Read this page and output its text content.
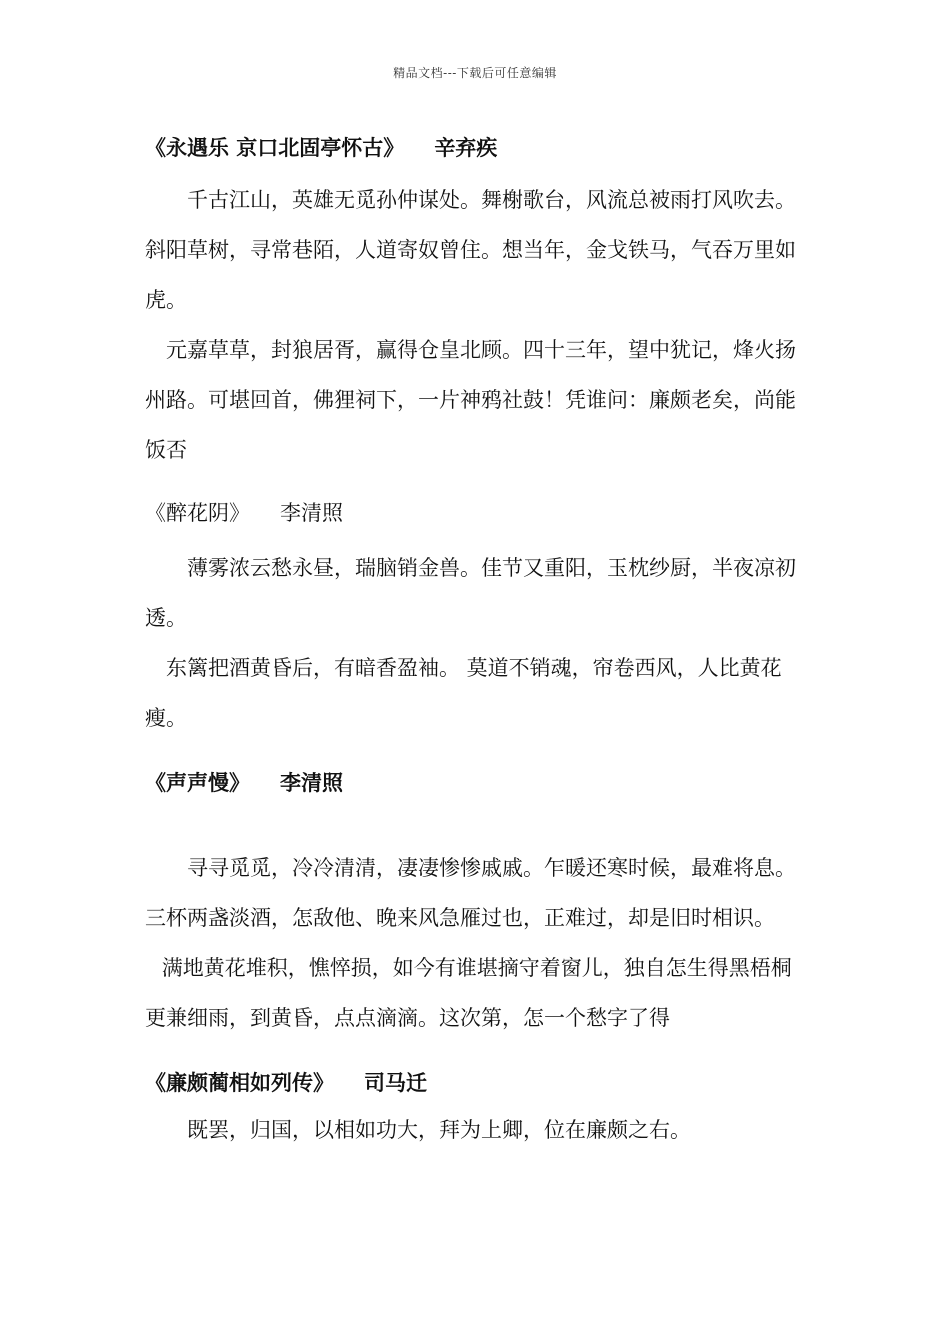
精品文档---下载后可任意编辑

《永遇乐 京口北固亭怀古》 辛弃疾

千古江山，英雄无觅孙仲谋处。舞榭歌台，风流总被雨打风吹去。斜阳草树，寻常巷陌，人道寄奴曾住。想当年，金戈铁马，气吞万里如虎。

元嘉草草，封狼居胥，赢得仓皇北顾。四十三年，望中犹记，烽火扬州路。可堪回首，佛狸祠下，一片神鸦社鼓！凭谁问：廉颇老矣，尚能饭否

《醉花阴》 李清照

薄雾浓云愁永昼，瑞脑销金兽。佳节又重阳，玉枕纱厨，半夜凉初透。

东篱把酒黄昏后，有暗香盈袖。 莫道不销魂，帘卷西风，人比黄花瘦。

《声声慢》 李清照

寻寻觅觅，冷冷清清，凄凄惨惨戚戚。乍暖还寒时候，最难将息。三杯两盏淡酒，怎敌他、晚来风急雁过也，正难过，却是旧时相识。

满地黄花堆积，憔悴损，如今有谁堪摘守着窗儿，独自怎生得黑梧桐更兼细雨，到黄昏，点点滴滴。这次第，怎一个愁字了得

《廉颇蔺相如列传》 司马迁

既罢，归国，以相如功大，拜为上卿，位在廉颇之右。
